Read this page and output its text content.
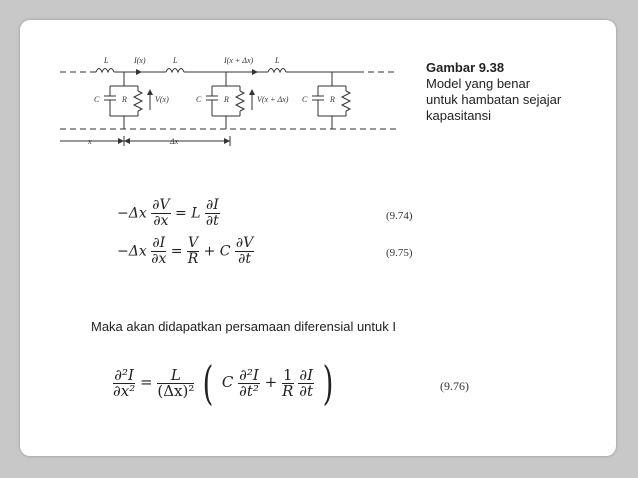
L	I(x)	L	I(x + Δx)	L
C	R	V(x)	C	R	V(x + Δx) C	R
x	Δx
Gambar 9.38
Model yang benar
untuk hambatan sejajar
kapasitansi
$-\Delta x \frac{\partial V}{\partial x} = L \frac{\partial I}{\partial t}$	(9.74)
$-\Delta x \frac{\partial I}{\partial x} = \frac{V}{R} + C \frac{\partial V}{\partial t}$	(9.75)
Maka akan didapatkan persamaan diferensial untuk I
$\frac{\text{∂²I}}{\text{∂x²}} = \frac{L}{\text{(Δx)²}}$ ( C $\frac{\text{∂²I}}{\text{∂t²}} + \frac{1}{R}$
$\frac{\partial I}{\partial t}$ )	(9.76)
